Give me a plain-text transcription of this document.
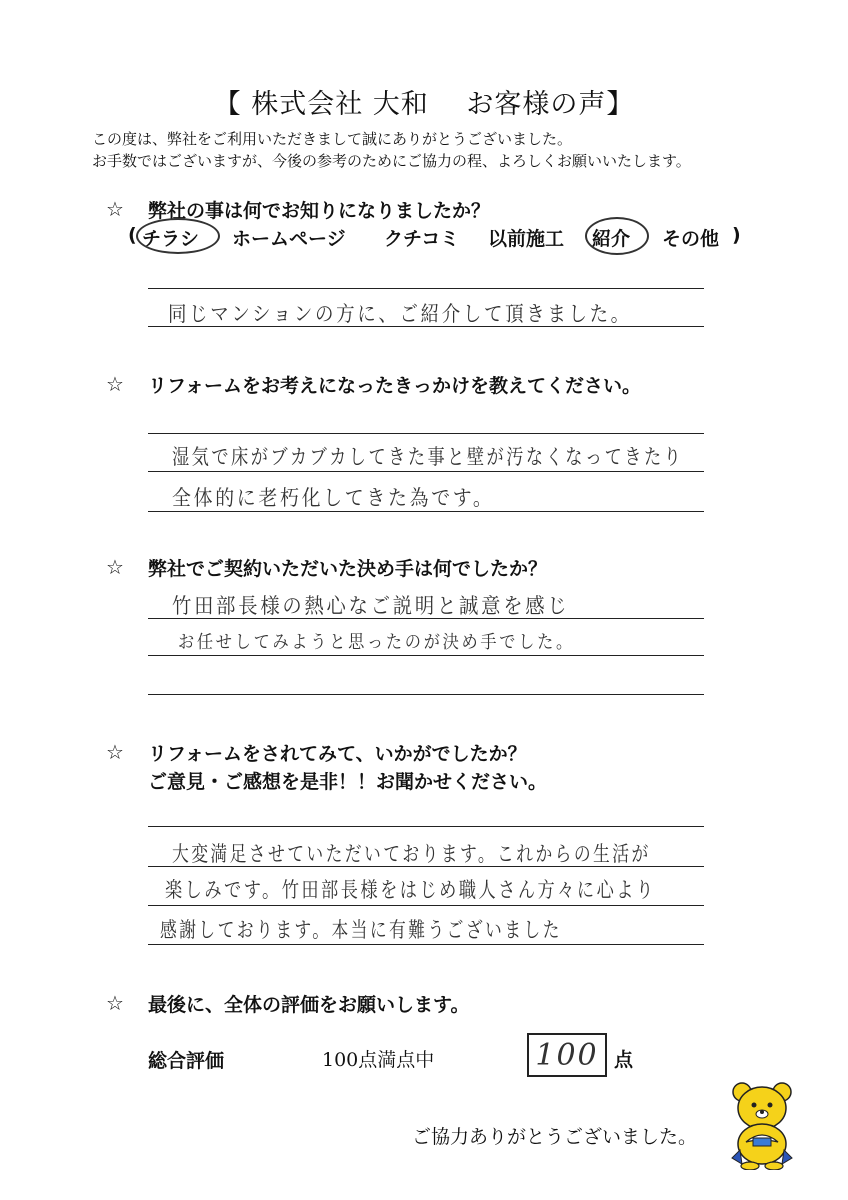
【 株式会社 大和　 お客様の声】
この度は、弊社をご利用いただきまして誠にありがとうございました。
お手数ではございますが、今後の参考のためにご協力の程、よろしくお願いいたします。
☆ 弊社の事は何でお知りになりましたか？
( チラシ ホームページ クチコミ 以前施工 紹介 その他 )
同じマンションの方に、ご紹介して頂きました。
☆ リフォームをお考えになったきっかけを教えてください。
湿気で床がブカブカしてきた事と壁が汚なくなってきたり
全体的に老朽化してきた為です。
☆ 弊社でご契約いただいた決め手は何でしたか？
竹田部長様の熱心なご説明と誠意を感じ
お任せしてみようと思ったのが決め手でした。
☆ リフォームをされてみて、いかがでしたか？
ご意見・ご感想を是非！！お聞かせください。
大変満足させていただいております。これからの生活が
楽しみです。竹田部長様をはじめ職人さん方々に心より
感謝しております。本当に有難うございました
☆ 最後に、全体の評価をお願いします。
総合評価	100点満点中	100 点
ご協力ありがとうございました。
